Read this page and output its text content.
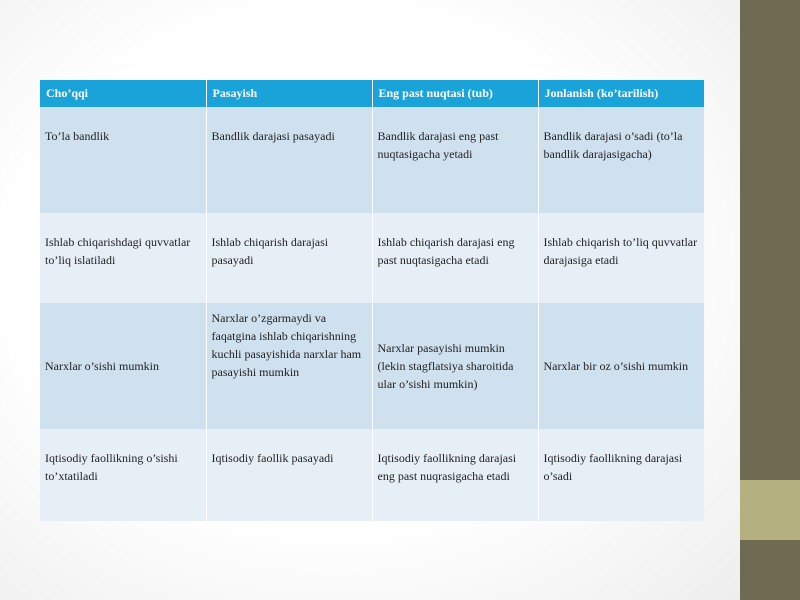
Cho’qqi	Pasayish	Eng past nuqtasi (tub)	Jonlanish (ko’tarilish)
To’la bandlik	Bandlik darajasi pasayadi	Bandlik darajasi eng past nuqtasigacha yetadi	Bandlik darajasi o’sadi (to’la bandlik darajasigacha)
Ishlab chiqarishdagi quvvatlar to’liq islatiladi	Ishlab chiqarish darajasi pasayadi	Ishlab chiqarish darajasi eng past nuqtasigacha etadi	Ishlab chiqarish to’liq quvvatlar darajasiga etadi
Narxlar o’sishi mumkin	Narxlar o’zgarmaydi va faqatgina ishlab chiqarishning kuchli pasayishida narxlar ham pasayishi mumkin	Narxlar pasayishi mumkin (lekin stagflatsiya sharoitida ular o’sishi mumkin)	Narxlar bir oz o’sishi mumkin
Iqtisodiy faollikning o’sishi to’xtatiladi	Iqtisodiy faollik pasayadi	Iqtisodiy faollikning darajasi eng past nuqrasigacha etadi	Iqtisodiy faollikning darajasi o’sadi
